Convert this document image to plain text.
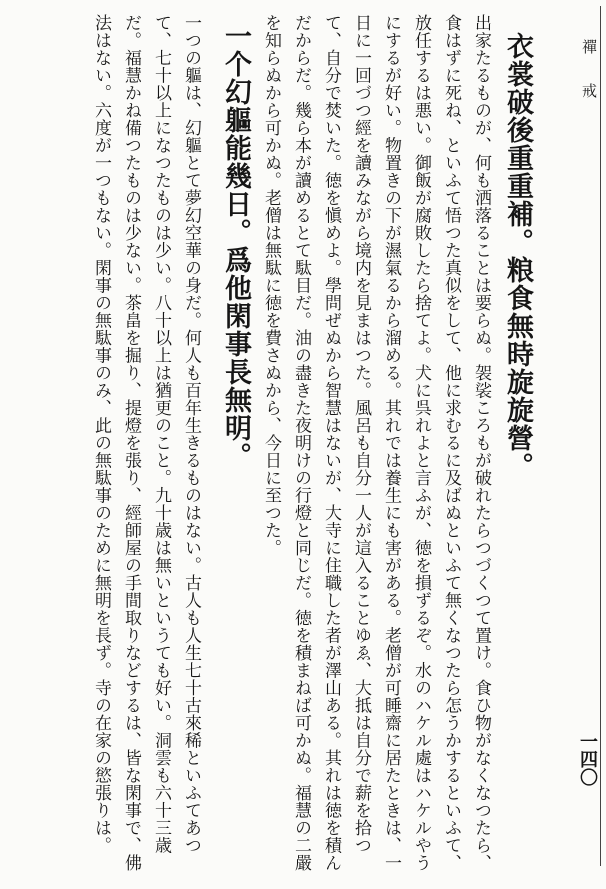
禪 戒
一四〇
衣裳破後重重補。粮食無時旋旋營。

出家たるものが、何も洒落ることは要らぬ。袈裟ころもが破れたらつづくつて置け。食ひ物がなくなつたら、食はずに死ね、といふて悟つた真似をして、他に求むるに及ばぬといふて無くなつたら怎うかするといふて、放任するは悪い。御飯が腐敗したら捨てよ。犬に呉れよと言ふが、徳を損ずるぞ。水のハケル處はハケルやうにするが好い。物置きの下が濕氣るから溜める。其れでは養生にも害がある。老僧が可睡齋に居たときは、一日に一回づつ經を讀みながら境内を見まはつた。風呂も自分一人が這入ることゆゑ、大抵は自分で薪を拾つて、自分で焚いた。徳を愼めよ。學問ぜぬから智慧はないが、大寺に住職した者が澤山ある。其れは徳を積んだからだ。幾ら本が讀めるとて駄目だ。油の盡きた夜明けの行燈と同じだ。徳を積まねば可かぬ。福慧の二嚴を知らぬから可かぬ。老僧は無駄に徳を費さぬから、今日に至つた。

一个幻軀能幾日。爲他閑事長無明。

一つの軀は、幻軀とて夢幻空華の身だ。何人も百年生きるものはない。古人も人生七十古來稀といふてあつて、七十以上になつたものは少い。八十以上は猶更のこと。九十歳は無いというても好い。洞雲も六十三歳だ。福慧かね備つたものは少ない。茶畠を掘り、提燈を張り、經師屋の手間取りなどするは、皆な閑事で、佛法はない。六度が一つもない。閑事の無駄事のみ、此の無駄事のために無明を長ず。寺の在家の慾張りは。
